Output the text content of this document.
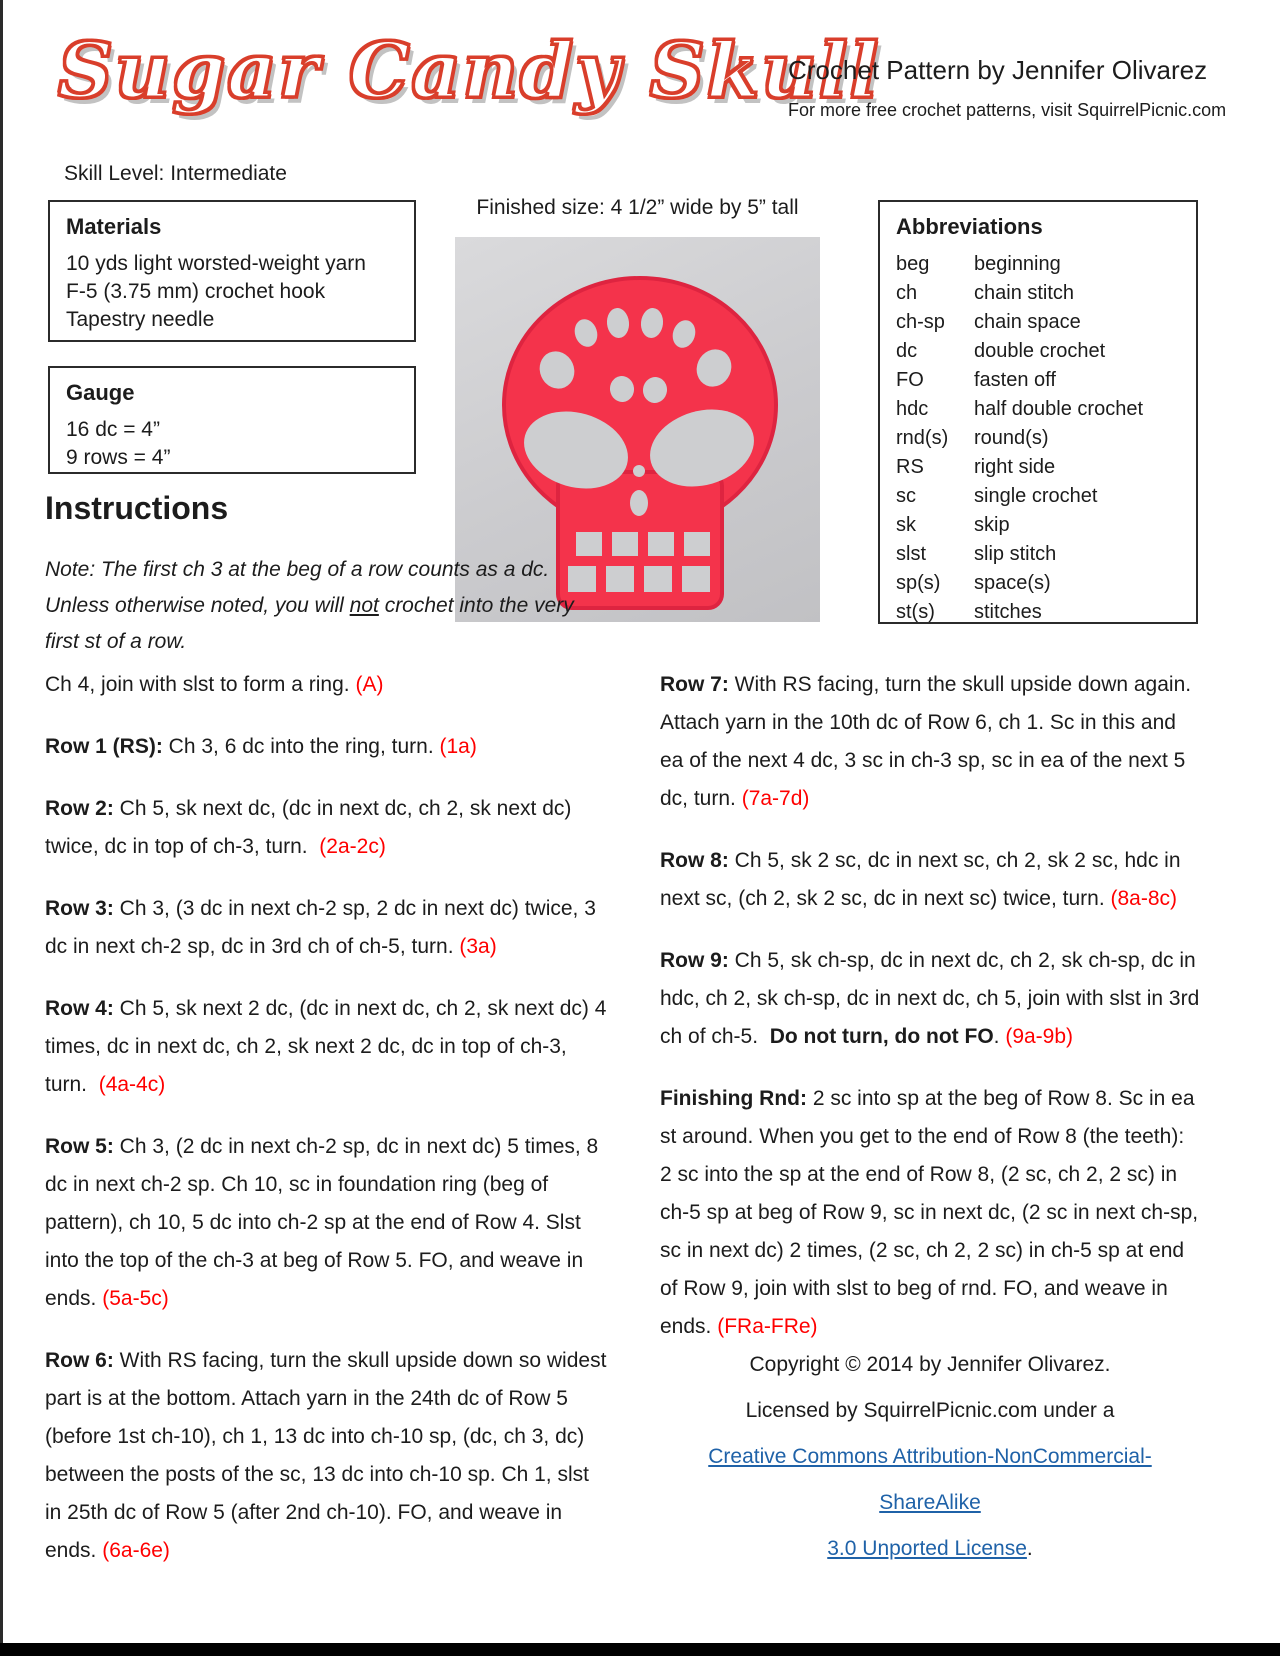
Sugar Candy Skull
Crochet Pattern by Jennifer Olivarez
For more free crochet patterns, visit SquirrelPicnic.com
Skill Level: Intermediate
Materials
10 yds light worsted-weight yarn
F-5 (3.75 mm) crochet hook
Tapestry needle
Gauge
16 dc = 4”
9 rows = 4”
Finished size: 4 1/2” wide by 5” tall
Abbreviations
beg	beginning
ch	chain stitch
ch-sp	chain space
dc	double crochet
FO	fasten off
hdc	half double crochet
rnd(s)	round(s)
RS	right side
sc	single crochet
sk	skip
slst	slip stitch
sp(s)	space(s)
st(s)	stitches
Instructions

Note: The first ch 3 at the beg of a row counts as a dc. Unless otherwise noted, you will not crochet into the very first st of a row.

Ch 4, join with slst to form a ring. (A)

Row 1 (RS): Ch 3, 6 dc into the ring, turn. (1a)

Row 2: Ch 5, sk next dc, (dc in next dc, ch 2, sk next dc) twice, dc in top of ch-3, turn.  (2a-2c)

Row 3: Ch 3, (3 dc in next ch-2 sp, 2 dc in next dc) twice, 3 dc in next ch-2 sp, dc in 3rd ch of ch-5, turn. (3a)

Row 4: Ch 5, sk next 2 dc, (dc in next dc, ch 2, sk next dc) 4 times, dc in next dc, ch 2, sk next 2 dc, dc in top of ch-3, turn.  (4a-4c)

Row 5: Ch 3, (2 dc in next ch-2 sp, dc in next dc) 5 times, 8 dc in next ch-2 sp. Ch 10, sc in foundation ring (beg of pattern), ch 10, 5 dc into ch-2 sp at the end of Row 4. Slst into the top of the ch-3 at beg of Row 5. FO, and weave in ends. (5a-5c)

Row 6: With RS facing, turn the skull upside down so widest part is at the bottom. Attach yarn in the 24th dc of Row 5 (before 1st ch-10), ch 1, 13 dc into ch-10 sp, (dc, ch 3, dc) between the posts of the sc, 13 dc into ch-10 sp. Ch 1, slst in 25th dc of Row 5 (after 2nd ch-10). FO, and weave in ends. (6a-6e)

Row 7: With RS facing, turn the skull upside down again. Attach yarn in the 10th dc of Row 6, ch 1. Sc in this and ea of the next 4 dc, 3 sc in ch-3 sp, sc in ea of the next 5 dc, turn. (7a-7d)

Row 8: Ch 5, sk 2 sc, dc in next sc, ch 2, sk 2 sc, hdc in next sc, (ch 2, sk 2 sc, dc in next sc) twice, turn. (8a-8c)

Row 9: Ch 5, sk ch-sp, dc in next dc, ch 2, sk ch-sp, dc in hdc, ch 2, sk ch-sp, dc in next dc, ch 5, join with slst in 3rd ch of ch-5.  Do not turn, do not FO. (9a-9b)

Finishing Rnd: 2 sc into sp at the beg of Row 8. Sc in ea st around. When you get to the end of Row 8 (the teeth): 2 sc into the sp at the end of Row 8, (2 sc, ch 2, 2 sc) in ch-5 sp at beg of Row 9, sc in next dc, (2 sc in next ch-sp, sc in next dc) 2 times, (2 sc, ch 2, 2 sc) in ch-5 sp at end of Row 9, join with slst to beg of rnd. FO, and weave in ends. (FRa-FRe)

Copyright © 2014 by Jennifer Olivarez.
Licensed by SquirrelPicnic.com under a
Creative Commons Attribution-NonCommercial-ShareAlike
3.0 Unported License.
